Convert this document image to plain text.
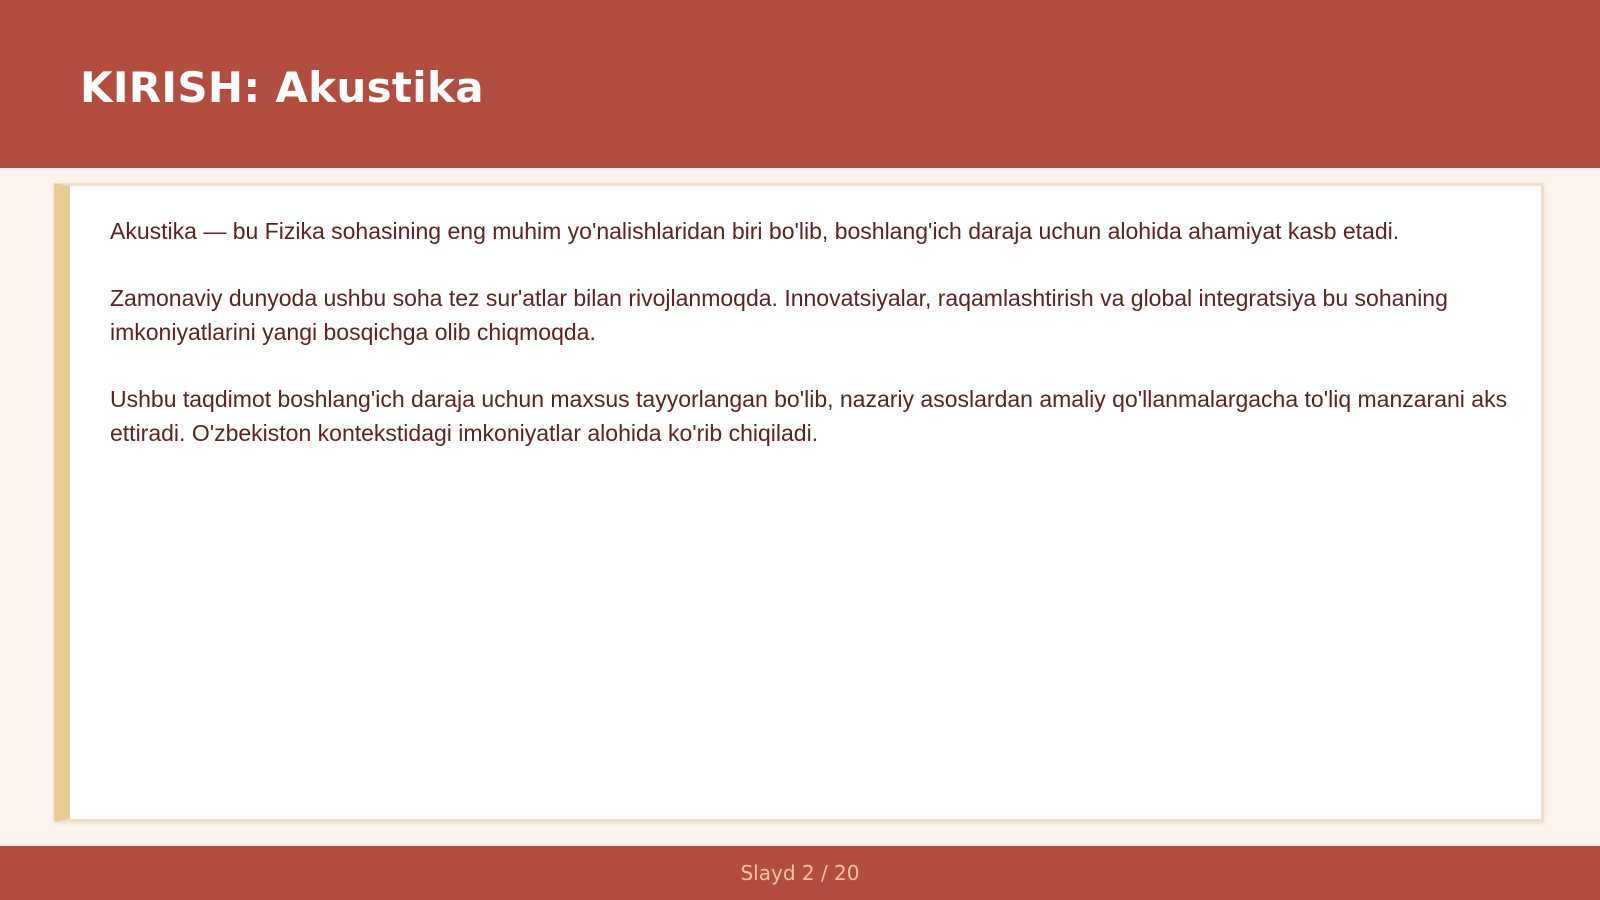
KIRISH: Akustika

Akustika — bu Fizika sohasining eng muhim yo'nalishlaridan biri bo'lib, boshlang'ich daraja uchun alohida ahamiyat kasb etadi.

Zamonaviy dunyoda ushbu soha tez sur'atlar bilan rivojlanmoqda. Innovatsiyalar, raqamlashtirish va global integratsiya bu sohaning imkoniyatlarini yangi bosqichga olib chiqmoqda.

Ushbu taqdimot boshlang'ich daraja uchun maxsus tayyorlangan bo'lib, nazariy asoslardan amaliy qo'llanmalargacha to'liq manzarani aks ettiradi. O'zbekiston kontekstidagi imkoniyatlar alohida ko'rib chiqiladi.

Slayd 2 / 20
